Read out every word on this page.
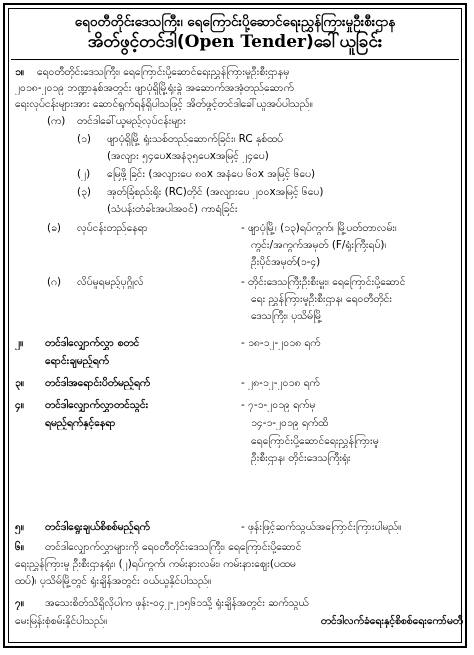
ရေဝတီတိုင်းဒေသကြီး၊ ရေကြောင်းပို့ဆောင်ရေးညွှန်ကြားမှုဦးစီးဌာန
အိတ်ဖွင့်တင်ဒါ(Open Tender)ခေါ်ယူခြင်း
၁။ ရေဝတီတိုင်းဒေသကြီး၊ ရေကြောင်းပို့ဆောင်ရေးညွှန်ကြားမှုဦးစီးဌာနမှ
၂၀၁၈-၂၀၁၉ ဘဏ္ဍာနှစ်အတွင်း ဖျာပုံရှိမြို့ရုံးခွဲ အဆောက်အအုံတည်ဆောက်
ရေးလုပ်ငန်းများအား ဆောင်ရွက်ရန်ရှိပါသဖြင့် အိတ်ဖွင့်တင်ဒါခေါ်ယူအပ်ပါသည်။
(က) တင်ဒါခေါ်ယူမည့်လုပ်ငန်းများ
(၁) ဖျာပုံရှိမြို့ ရုံးသစ်တည်ဆောက်ခြင်း၊ RC နှစ်ထပ်
(အလျား ၅၄ပေxအနံ၃၅ပေxအမြင့် ၂၄ပေ)
(၂) မြေဖို့ခြင်း (အလျားပေ ၈၀x အနံပေ ၆၀x အမြင့် ၆ပေ)
(၃) အုတ်ခြံစည်းရိုး (RC)တိုင် (အလျားပေ ၂၀၀xအမြင့် ၆ပေ)
(သံပန်းတံခါးအပါအဝင်) ကာရံခြင်း
(ခ) လုပ်ငန်းတည်နေရာ	- ဖျာပုံမြို့၊ (၁၃)ရပ်ကွက်၊ မြို့ပတ်တာလမ်း၊
ကွင်း/အကွက်အမှတ် (F/ရုံးကြီးရပ်)၊
ဦးပိုင်အမှတ်(၁-၄)
(ဂ) လိပ်မူရမည့်ပုဂ္ဂိုလ်	- တိုင်းဒေသကြီးဦးစီးမှူး၊ ရေကြောင်းပို့ဆောင်
ရေး ညွှန်ကြားမှုဦးစီးဌာန၊ ရေဝတီတိုင်း
ဒေသကြီး၊ ပုသိမ်မြို့
၂။ တင်ဒါလျှောက်လွှာ စတင်	- ၁၈-၁၂-၂၀၁၈ ရက်
ရောင်းချမည့်ရက်
၃။ တင်ဒါအရောင်းပိတ်မည့်ရက်	- ၂၈-၁၂-၂၀၁၈ ရက်
၄။ တင်ဒါလျှောက်လွှာတင်သွင်း	- ၇-၁-၂၀၁၉ ရက်မှ
ရမည့်ရက်နှင့်နေရာ	၁၄-၁-၂၀၁၉ ရက်ထိ
ရေကြောင်းပို့ဆောင်ရေးညွှန်ကြားမှု
ဦးစီးဌာန၊ တိုင်းဒေသကြီးရုံး
၅။ တင်ဒါရွေးချယ်စိစစ်မည့်ရက်	- ဖုန်းဖြင့်ဆက်သွယ်အကြောင်းကြားပါမည်။
၆။ တင်ဒါလျှောက်လွှာများကို ရေဝတီတိုင်းဒေသကြီး၊ ရေကြောင်းပို့ဆောင်
ရေးညွှန်ကြားမှု ဦးစီးဌာနရုံး၊ (၂)ရပ်ကွက်၊ ကမ်းနားလမ်း၊ ကမ်းနားဈေး(ပထမ
ထပ်)၊ ပုသိမ်မြို့တွင် ရုံးချိန်အတွင်း ဝယ်ယူနိုင်ပါသည်။
၇။ အသေးစိတ်သိရှိလိုပါက ဖုန်း-၀၄၂-၂၁၅၆၁သို့ ရုံးချိန်အတွင်း ဆက်သွယ်
မေးမြန်းစုံစမ်းနိုင်ပါသည်။	တင်ဒါလက်ခံရေးနှင့်စိစစ်ရေးကော်မတီ
